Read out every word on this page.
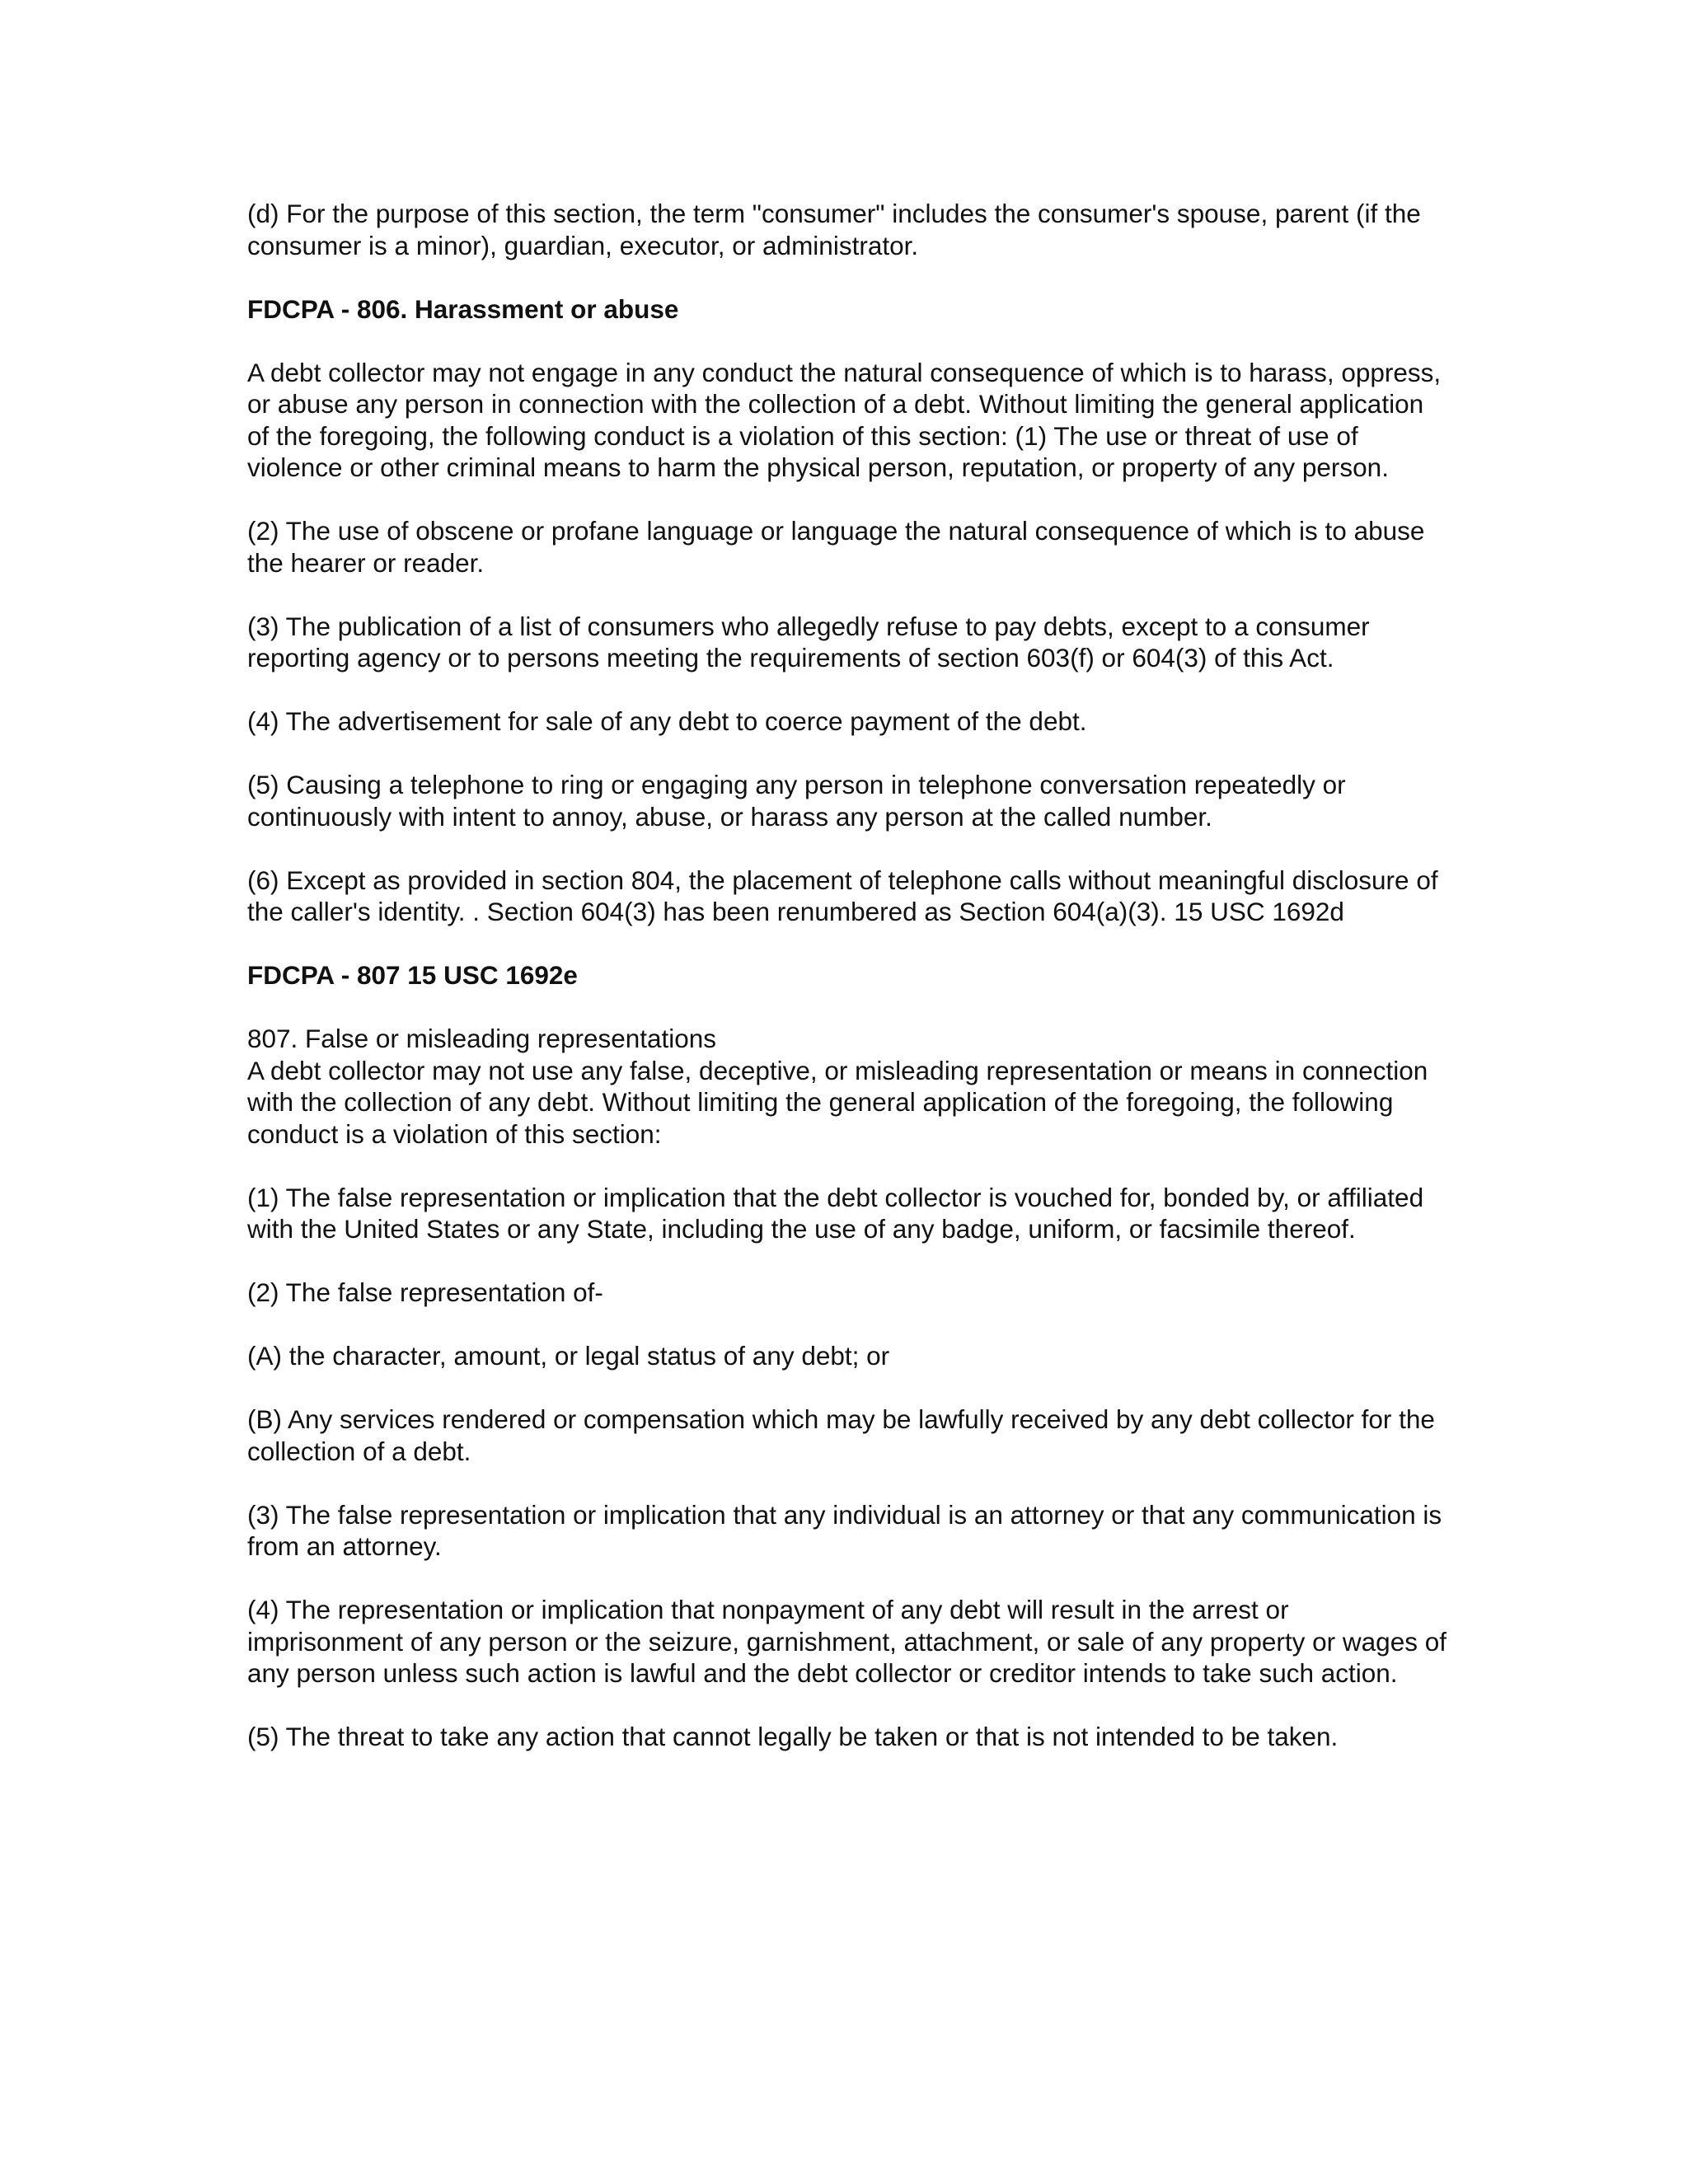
(d) For the purpose of this section, the term "consumer" includes the consumer's spouse, parent (if the consumer is a minor), guardian, executor, or administrator.

FDCPA - 806. Harassment or abuse

A debt collector may not engage in any conduct the natural consequence of which is to harass, oppress, or abuse any person in connection with the collection of a debt. Without limiting the general application of the foregoing, the following conduct is a violation of this section: (1) The use or threat of use of violence or other criminal means to harm the physical person, reputation, or property of any person.

(2) The use of obscene or profane language or language the natural consequence of which is to abuse the hearer or reader.

(3) The publication of a list of consumers who allegedly refuse to pay debts, except to a consumer reporting agency or to persons meeting the requirements of section 603(f) or 604(3) of this Act.

(4) The advertisement for sale of any debt to coerce payment of the debt.

(5) Causing a telephone to ring or engaging any person in telephone conversation repeatedly or continuously with intent to annoy, abuse, or harass any person at the called number.

(6) Except as provided in section 804, the placement of telephone calls without meaningful disclosure of the caller's identity. . Section 604(3) has been renumbered as Section 604(a)(3). 15 USC 1692d

FDCPA - 807 15 USC 1692e
807. False or misleading representations
A debt collector may not use any false, deceptive, or misleading representation or means in connection with the collection of any debt. Without limiting the general application of the foregoing, the following conduct is a violation of this section:

(1) The false representation or implication that the debt collector is vouched for, bonded by, or affiliated with the United States or any State, including the use of any badge, uniform, or facsimile thereof.

(2) The false representation of-

(A) the character, amount, or legal status of any debt; or

(B) Any services rendered or compensation which may be lawfully received by any debt collector for the collection of a debt.

(3) The false representation or implication that any individual is an attorney or that any communication is from an attorney.

(4) The representation or implication that nonpayment of any debt will result in the arrest or imprisonment of any person or the seizure, garnishment, attachment, or sale of any property or wages of any person unless such action is lawful and the debt collector or creditor intends to take such action.

(5) The threat to take any action that cannot legally be taken or that is not intended to be taken.
